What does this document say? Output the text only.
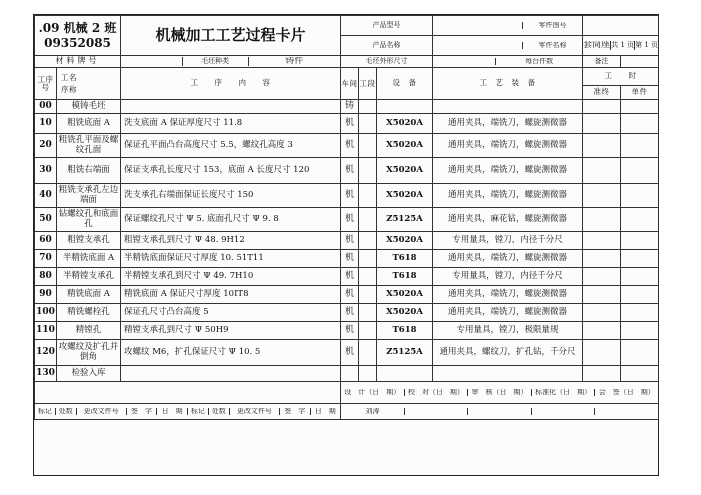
.09 机械 2 班
09352085	机械加工工艺过程卡片	产品型号	
		零件图号

产品名称	
		零件名称
	套筒座	共 1 页	第 1 页

材料牌号	
		毛坯种类	铸件
		毛坯外形尺寸	
		每台件数
		备注	
工序号	
工名
序称
	工　　序　　内　　容	车间	工段	设　备	工　艺　装　备	工　　时
准终	单件
00	模铸毛坯		铸					
10	粗铣底面 A	洗支底面 A 保证厚度尺寸 11.8	机		X5020A	通用夹具，端铣刀，螺旋测微器		
20	粗铣孔平面及螺纹孔面	保证孔平面凸台高度尺寸 5.5，螺纹孔高度 3	机		X5020A	通用夹具，端铣刀，螺旋测微器		
30	粗铣右端面	保证支承孔长度尺寸 153，底面 A 长度尺寸 120	机		X5020A	通用夹具，端铣刀，螺旋测微器		
40	粗铣支承孔左边端面	洗支承孔右端面保证长度尺寸 150	机		X5020A	通用夹具，端铣刀，螺旋测微器		
50	钻螺纹孔和底面孔	保证螺纹孔尺寸 Ψ 5. 底面孔尺寸 Ψ 9. 8	机		Z5125A	通用夹具，麻花钻，螺旋测微器		
60	粗镗支承孔	粗镗支承孔到尺寸 Ψ 48. 9H12	机		X5020A	专用量具，镗刀，内径千分尺		
70	半精铣底面 A	半精铣底面保证尺寸厚度 10. 51T11	机		T618	通用夹具，端铣刀，螺旋测微器		
80	半精镗支承孔	半精镗支承孔到尺寸 Ψ 49. 7H10	机		T618	专用量具，镗刀，内径千分尺		
90	精铣底面 A	精铣底面 A 保证尺寸厚度 10IT8	机		X5020A	通用夹具，端铣刀，螺旋测微器		
100	精铣螺栓孔	保证孔尺寸凸台高度 5	机		X5020A	通用夹具，端铣刀，螺旋测微器		
110	精镗孔	精镗支承孔到尺寸 Ψ 50H9	机		T618	专用量具，镗刀，极限量规		
120	攻螺纹及扩孔并倒角	攻螺纹 M6，扩孔保证尺寸 Ψ 10. 5	机		Z5125A	通用夹具，螺纹刀，扩孔钻，千分尺		
130	检验入库							

设　计（日　期）	校　对（日　期）	审　核（日　期）	标准化（日　期）	会　签（日　期）

标记	处数	更改文件号	签　字	日　期	标记	处数	更改文件号	签　字	日　期
		刘涛				
